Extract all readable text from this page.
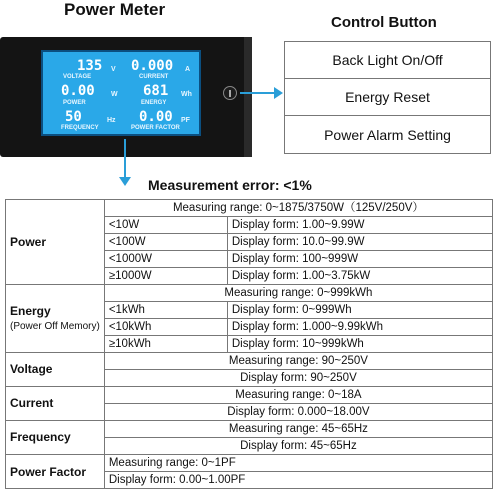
Power Meter
Control Button
135 V
VOLTAGE
0.000 A
CURRENT
0.00 W
POWER
681 Wh
ENERGY
50	Hz
FREQUENCY
0.00 PF
POWER FACTOR
Back Light On/Off
Energy Reset
Power Alarm Setting
Measurement error: <1%
Power	Measuring range: 0~1875/3750W（125V/250V）	
	<10W	Display form: 1.00~9.99W
	<100W	Display form: 10.0~99.9W
	<1000W	Display form: 100~999W
	≥1000W	Display form: 1.00~3.75kW
Energy
(Power Off Memory)	Measuring range: 0~999kWh	
	<1kWh	Display form: 0~999Wh
	<10kWh	Display form: 1.000~9.99kWh
	≥10kWh	Display form: 10~999kWh
Voltage	Measuring range: 90~250V	
	Display form: 90~250V	
Current	Measuring range: 0~18A	
	Display form: 0.000~18.00V	
Frequency	Measuring range: 45~65Hz	
	Display form: 45~65Hz	
Power Factor	Measuring range: 0~1PF	
	Display form: 0.00~1.00PF	
